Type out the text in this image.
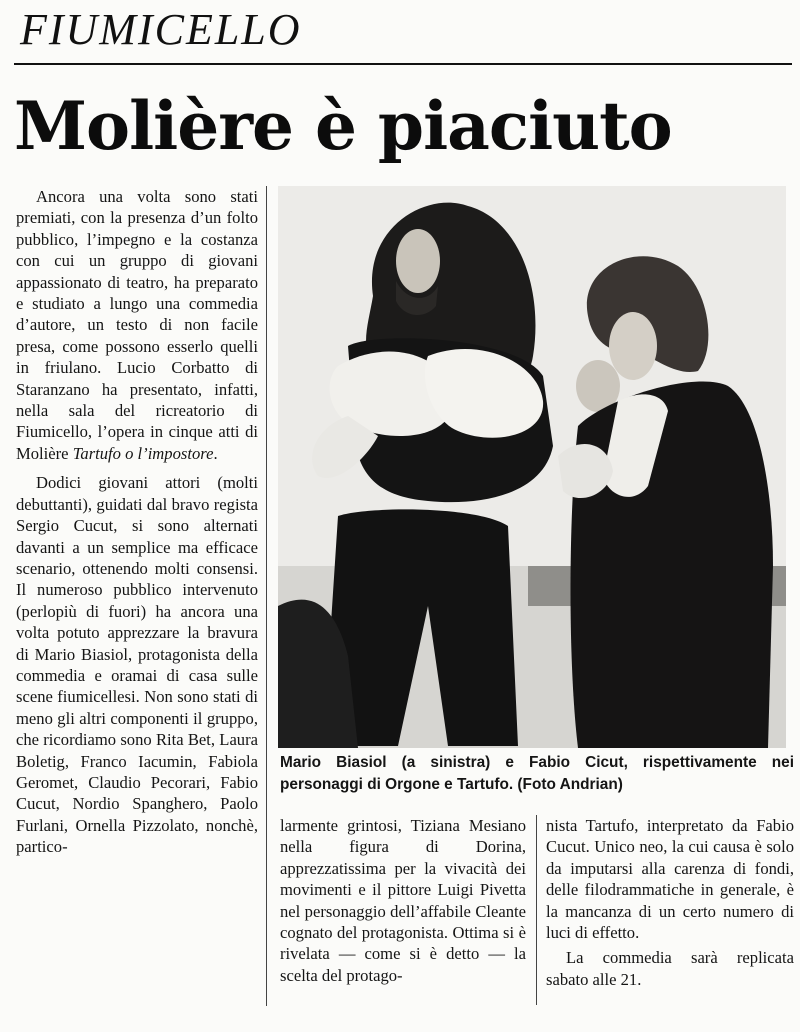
FIUMICELLO
Molière è piaciuto

Ancora una volta sono stati premiati, con la presenza d’un folto pubblico, l’impegno e la costanza con cui un gruppo di giovani appassionato di teatro, ha preparato e studiato a lungo una commedia d’autore, un testo di non facile presa, come possono esserlo quelli in friulano. Lucio Corbatto di Staranzano ha presentato, infatti, nella sala del ricreatorio di Fiumicello, l’opera in cinque atti di Molière Tartufo o l’impostore.

Dodici giovani attori (molti debuttanti), guidati dal bravo regista Sergio Cucut, si sono alternati davanti a un semplice ma efficace scenario, ottenendo molti consensi. Il numeroso pubblico intervenuto (perlopiù di fuori) ha ancora una volta potuto apprezzare la bravura di Mario Biasiol, protagonista della commedia e oramai di casa sulle scene fiumicellesi. Non sono stati di meno gli altri componenti il gruppo, che ricordiamo sono Rita Bet, Laura Boletig, Franco Iacumin, Fabiola Geromet, Claudio Pecorari, Fabio Cucut, Nordio Spanghero, Paolo Furlani, Ornella Pizzolato, nonchè, partico-

Mario Biasiol (a sinistra) e Fabio Cicut, rispettivamente nei personaggi di Orgone e Tartufo. (Foto Andrian)

larmente grintosi, Tiziana Mesiano nella figura di Dorina, apprezzatissima per la vivacità dei movimenti e il pittore Luigi Pivetta nel personaggio dell’affabile Cleante cognato del protagonista. Ottima si è rivelata — come si è detto — la scelta del protago-

nista Tartufo, interpretato da Fabio Cucut. Unico neo, la cui causa è solo da imputarsi alla carenza di fondi, delle filodrammatiche in generale, è la mancanza di un certo numero di luci di effetto.

La commedia sarà replicata sabato alle 21.
